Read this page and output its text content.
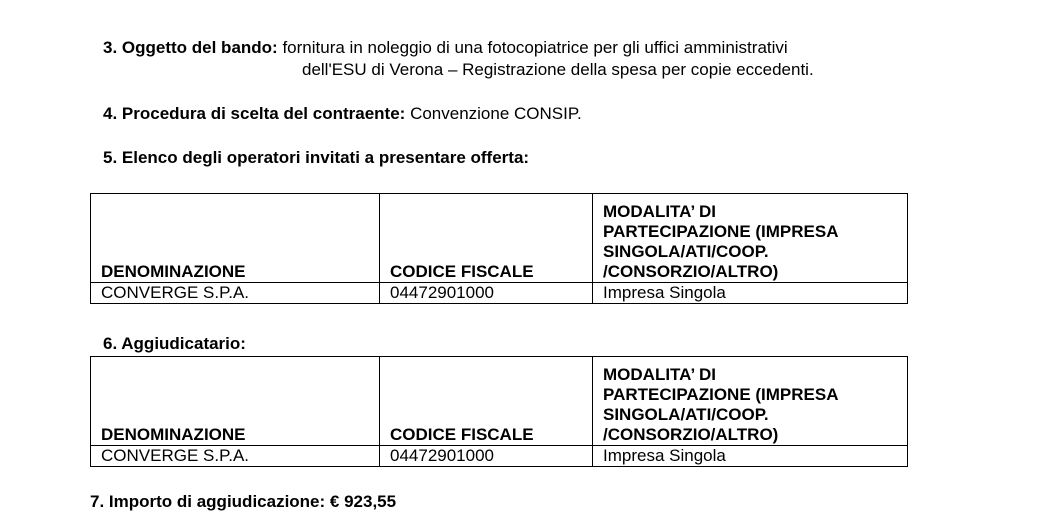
3. Oggetto del bando: fornitura in noleggio di una fotocopiatrice per gli uffici amministrativi
dell'ESU di Verona – Registrazione della spesa per copie eccedenti.
4. Procedura di scelta del contraente: Convenzione CONSIP.
5. Elenco degli operatori invitati a presentare offerta:
DENOMINAZIONE	CODICE FISCALE	MODALITA’ DI
PARTECIPAZIONE (IMPRESA
SINGOLA/ATI/COOP.
/CONSORZIO/ALTRO)

CONVERGE S.P.A.	04472901000	Impresa Singola
6. Aggiudicatario:
DENOMINAZIONE	CODICE FISCALE	MODALITA’ DI
PARTECIPAZIONE (IMPRESA
SINGOLA/ATI/COOP.
/CONSORZIO/ALTRO)

CONVERGE S.P.A.	04472901000	Impresa Singola
7. Importo di aggiudicazione: € 923,55
